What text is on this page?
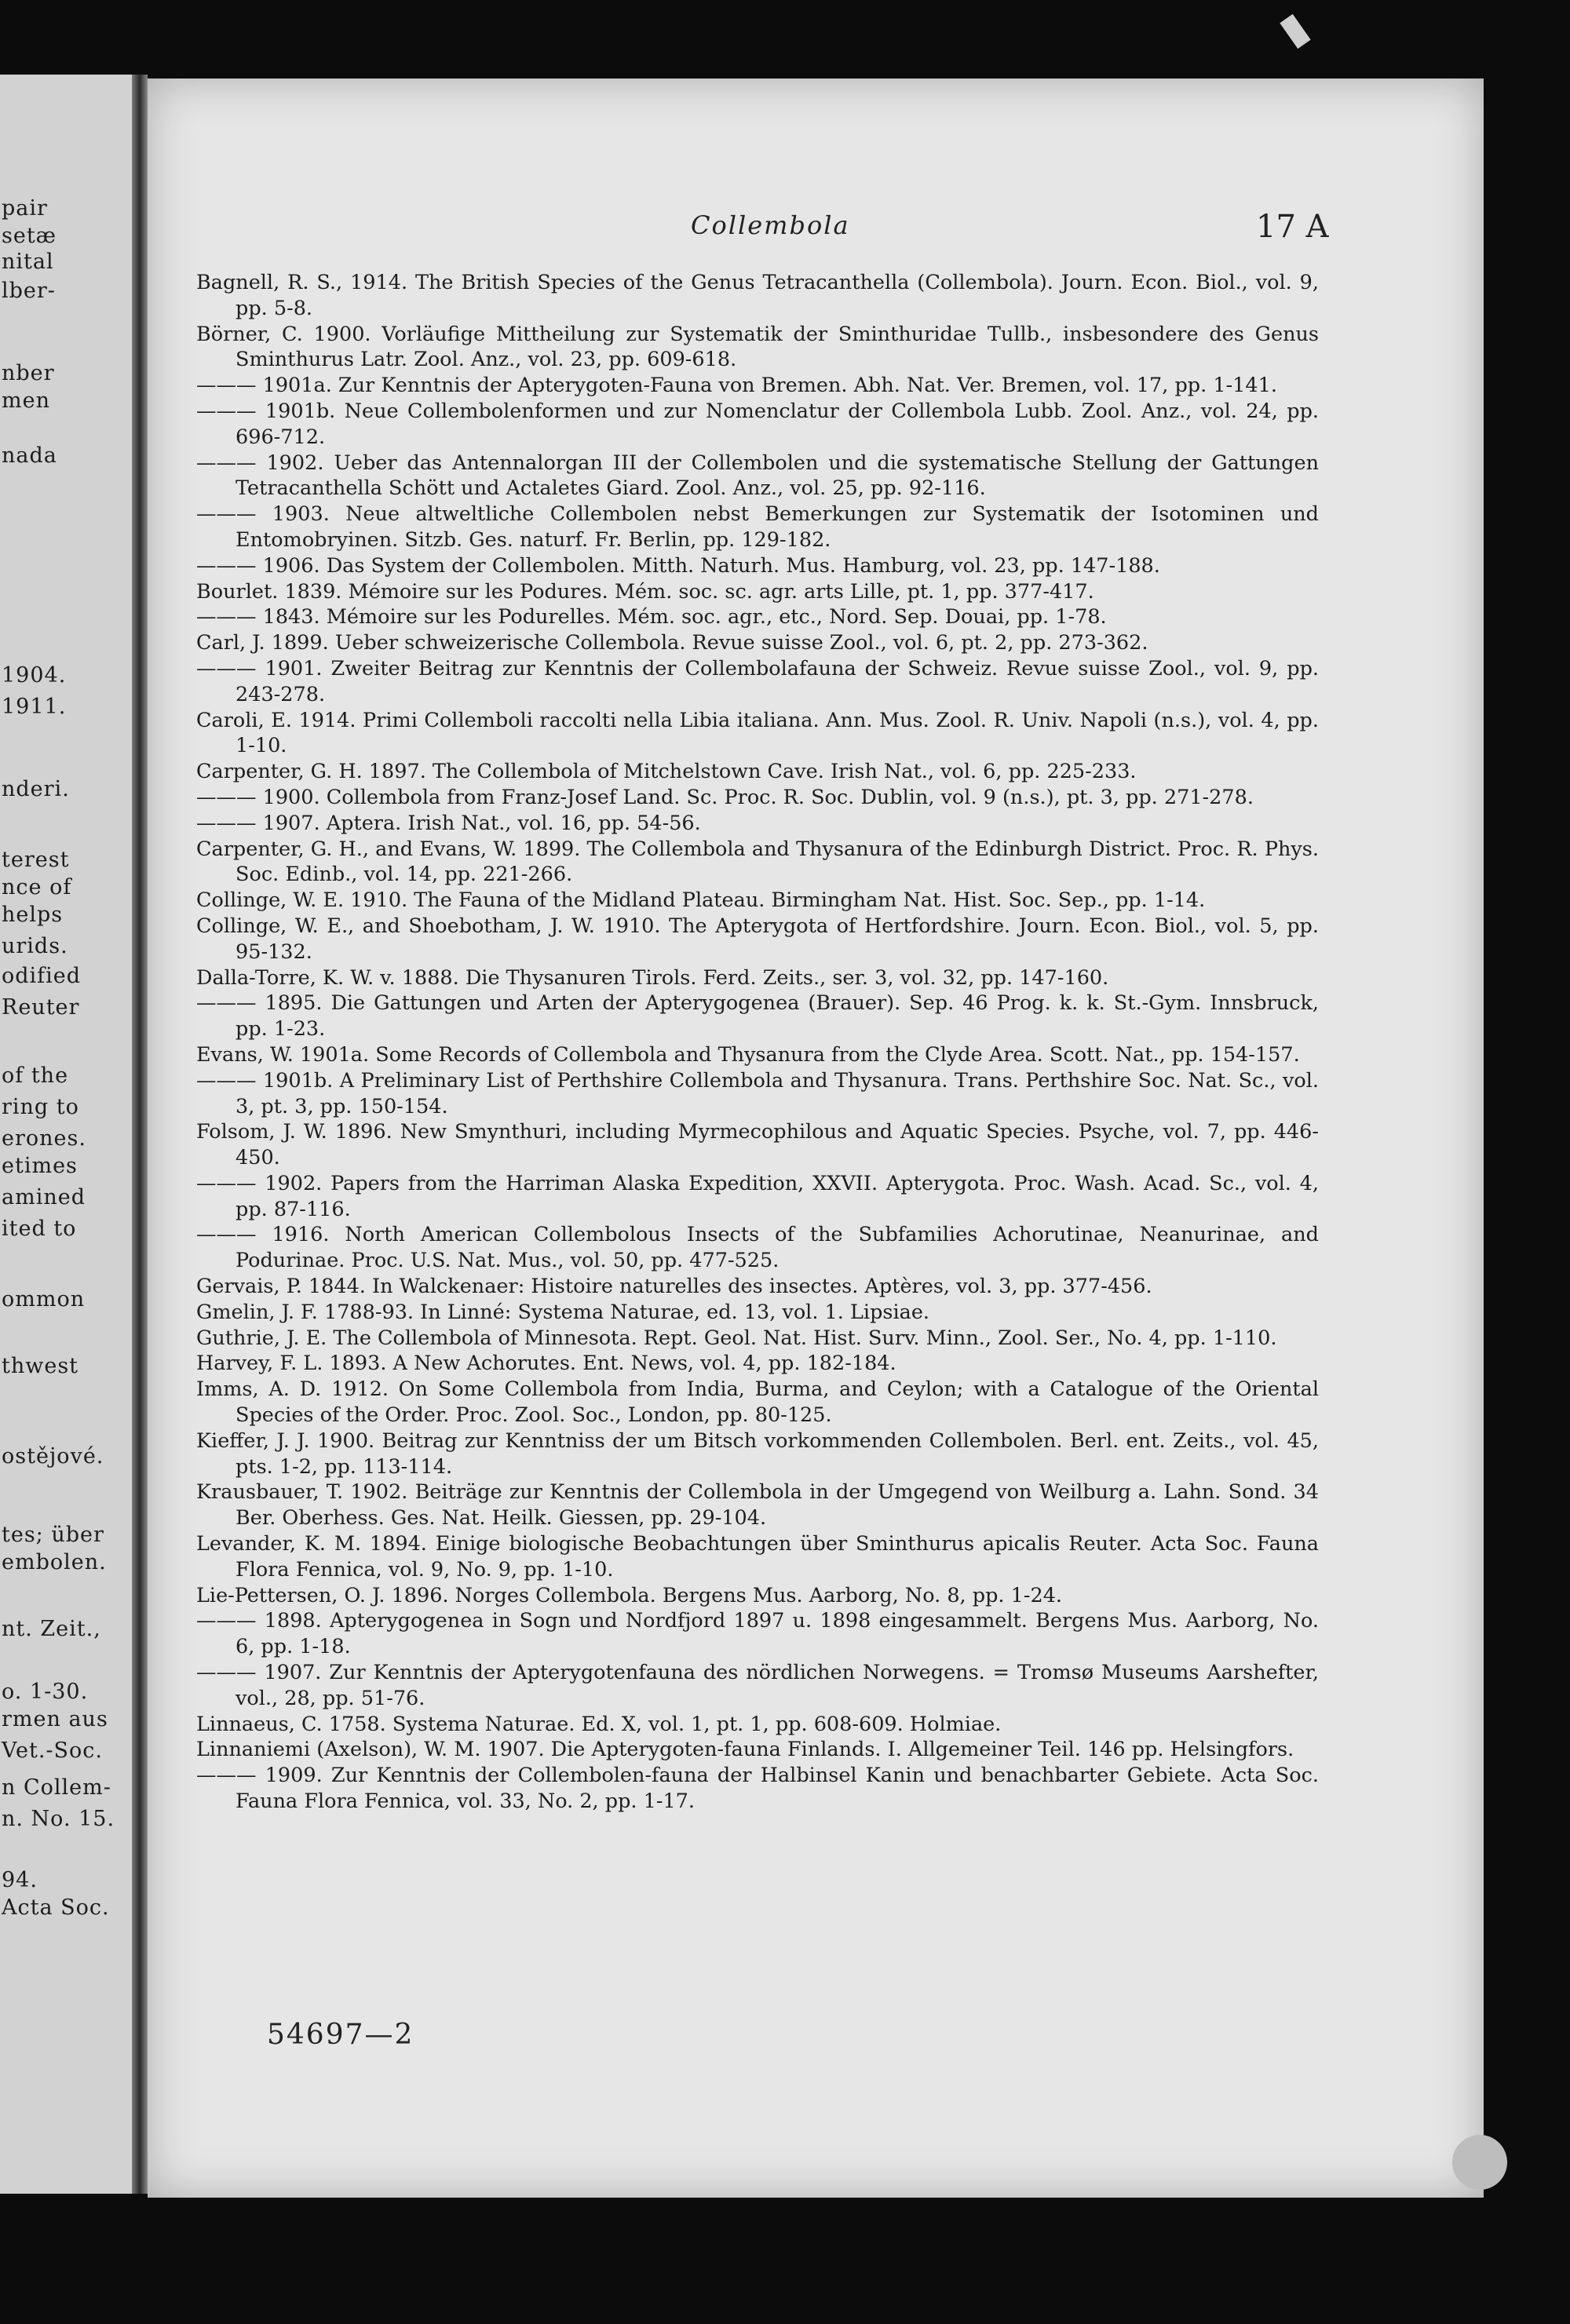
pair
setæ
nital
lber-
nber
men
nada
1904.
1911.
nderi.
terest
nce of
helps
urids.
odified
Reuter
of the
ring to
erones.
etimes
amined
ited to
ommon
thwest
ostějové.
tes; über
embolen.
nt. Zeit.,
o. 1-30.
rmen aus
Vet.-Soc.
n Collem-
n. No. 15.
94.
Acta Soc.
Collembola	17 A
Bagnell, R. S., 1914. The British Species of the Genus Tetracanthella (Collembola). Journ. Econ. Biol., vol. 9, pp. 5-8.
Börner, C. 1900. Vorläufige Mittheilung zur Systematik der Sminthuridae Tullb., insbesondere des Genus Sminthurus Latr. Zool. Anz., vol. 23, pp. 609-618.
——— 1901a. Zur Kenntnis der Apterygoten-Fauna von Bremen. Abh. Nat. Ver. Bremen, vol. 17, pp. 1-141.
——— 1901b. Neue Collembolenformen und zur Nomenclatur der Collembola Lubb. Zool. Anz., vol. 24, pp. 696-712.
——— 1902. Ueber das Antennalorgan III der Collembolen und die systematische Stellung der Gattungen Tetracanthella Schött und Actaletes Giard. Zool. Anz., vol. 25, pp. 92-116.
——— 1903. Neue altweltliche Collembolen nebst Bemerkungen zur Systematik der Isotominen und Entomobryinen. Sitzb. Ges. naturf. Fr. Berlin, pp. 129-182.
——— 1906. Das System der Collembolen. Mitth. Naturh. Mus. Hamburg, vol. 23, pp. 147-188.
Bourlet. 1839. Mémoire sur les Podures. Mém. soc. sc. agr. arts Lille, pt. 1, pp. 377-417.
——— 1843. Mémoire sur les Podurelles. Mém. soc. agr., etc., Nord. Sep. Douai, pp. 1-78.
Carl, J. 1899. Ueber schweizerische Collembola. Revue suisse Zool., vol. 6, pt. 2, pp. 273-362.
——— 1901. Zweiter Beitrag zur Kenntnis der Collembolafauna der Schweiz. Revue suisse Zool., vol. 9, pp. 243-278.
Caroli, E. 1914. Primi Collemboli raccolti nella Libia italiana. Ann. Mus. Zool. R. Univ. Napoli (n.s.), vol. 4, pp. 1-10.
Carpenter, G. H. 1897. The Collembola of Mitchelstown Cave. Irish Nat., vol. 6, pp. 225-233.
——— 1900. Collembola from Franz-Josef Land. Sc. Proc. R. Soc. Dublin, vol. 9 (n.s.), pt. 3, pp. 271-278.
——— 1907. Aptera. Irish Nat., vol. 16, pp. 54-56.
Carpenter, G. H., and Evans, W. 1899. The Collembola and Thysanura of the Edinburgh District. Proc. R. Phys. Soc. Edinb., vol. 14, pp. 221-266.
Collinge, W. E. 1910. The Fauna of the Midland Plateau. Birmingham Nat. Hist. Soc. Sep., pp. 1-14.
Collinge, W. E., and Shoebotham, J. W. 1910. The Apterygota of Hertfordshire. Journ. Econ. Biol., vol. 5, pp. 95-132.
Dalla-Torre, K. W. v. 1888. Die Thysanuren Tirols. Ferd. Zeits., ser. 3, vol. 32, pp. 147-160.
——— 1895. Die Gattungen und Arten der Apterygogenea (Brauer). Sep. 46 Prog. k. k. St.-Gym. Innsbruck, pp. 1-23.
Evans, W. 1901a. Some Records of Collembola and Thysanura from the Clyde Area. Scott. Nat., pp. 154-157.
——— 1901b. A Preliminary List of Perthshire Collembola and Thysanura. Trans. Perthshire Soc. Nat. Sc., vol. 3, pt. 3, pp. 150-154.
Folsom, J. W. 1896. New Smynthuri, including Myrmecophilous and Aquatic Species. Psyche, vol. 7, pp. 446-450.
——— 1902. Papers from the Harriman Alaska Expedition, XXVII. Apterygota. Proc. Wash. Acad. Sc., vol. 4, pp. 87-116.
——— 1916. North American Collembolous Insects of the Subfamilies Achorutinae, Neanurinae, and Podurinae. Proc. U.S. Nat. Mus., vol. 50, pp. 477-525.
Gervais, P. 1844. In Walckenaer: Histoire naturelles des insectes. Aptères, vol. 3, pp. 377-456.
Gmelin, J. F. 1788-93. In Linné: Systema Naturae, ed. 13, vol. 1. Lipsiae.
Guthrie, J. E. The Collembola of Minnesota. Rept. Geol. Nat. Hist. Surv. Minn., Zool. Ser., No. 4, pp. 1-110.
Harvey, F. L. 1893. A New Achorutes. Ent. News, vol. 4, pp. 182-184.
Imms, A. D. 1912. On Some Collembola from India, Burma, and Ceylon; with a Catalogue of the Oriental Species of the Order. Proc. Zool. Soc., London, pp. 80-125.
Kieffer, J. J. 1900. Beitrag zur Kenntniss der um Bitsch vorkommenden Collembolen. Berl. ent. Zeits., vol. 45, pts. 1-2, pp. 113-114.
Krausbauer, T. 1902. Beiträge zur Kenntnis der Collembola in der Umgegend von Weilburg a. Lahn. Sond. 34 Ber. Oberhess. Ges. Nat. Heilk. Giessen, pp. 29-104.
Levander, K. M. 1894. Einige biologische Beobachtungen über Sminthurus apicalis Reuter. Acta Soc. Fauna Flora Fennica, vol. 9, No. 9, pp. 1-10.
Lie-Pettersen, O. J. 1896. Norges Collembola. Bergens Mus. Aarborg, No. 8, pp. 1-24.
——— 1898. Apterygogenea in Sogn und Nordfjord 1897 u. 1898 eingesammelt. Bergens Mus. Aarborg, No. 6, pp. 1-18.
——— 1907. Zur Kenntnis der Apterygotenfauna des nördlichen Norwegens. = Tromsø Museums Aarshefter, vol., 28, pp. 51-76.
Linnaeus, C. 1758. Systema Naturae. Ed. X, vol. 1, pt. 1, pp. 608-609. Holmiae.
Linnaniemi (Axelson), W. M. 1907. Die Apterygoten-fauna Finlands. I. Allgemeiner Teil. 146 pp. Helsingfors.
——— 1909. Zur Kenntnis der Collembolen-fauna der Halbinsel Kanin und benachbarter Gebiete. Acta Soc. Fauna Flora Fennica, vol. 33, No. 2, pp. 1-17.
54697—2
